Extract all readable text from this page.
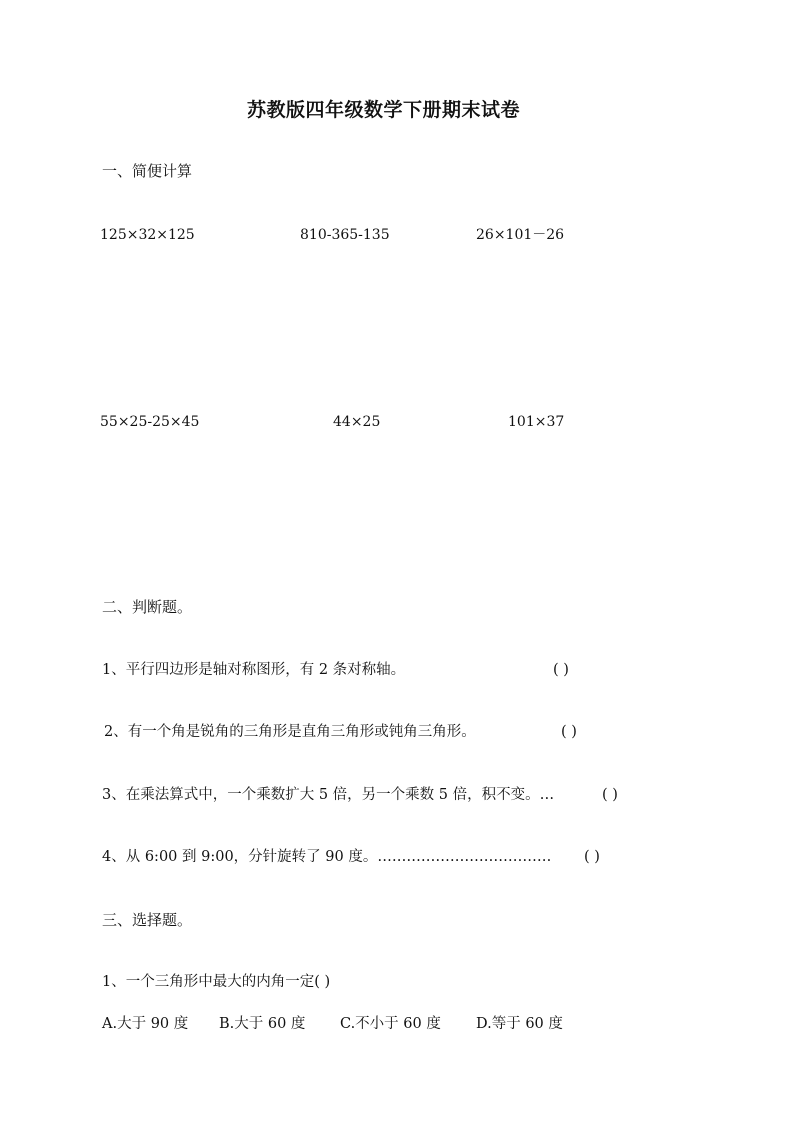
苏教版四年级数学下册期末试卷
一、简便计算
125×32×125	810-365-135	26×101－26
55×25-25×45	44×25	101×37
二、判断题。
1、平行四边形是轴对称图形，有 2 条对称轴。	( )
2、有一个角是锐角的三角形是直角三角形或钝角三角形。	( )
3、在乘法算式中，一个乘数扩大 5 倍，另一个乘数 5 倍，积不变。…	( )
4、从 6:00 到 9:00，分针旋转了 90 度。……………………………… ( )
三、选择题。
1、一个三角形中最大的内角一定( )
A.大于 90 度 B.大于 60 度 C.不小于 60 度 D.等于 60 度
